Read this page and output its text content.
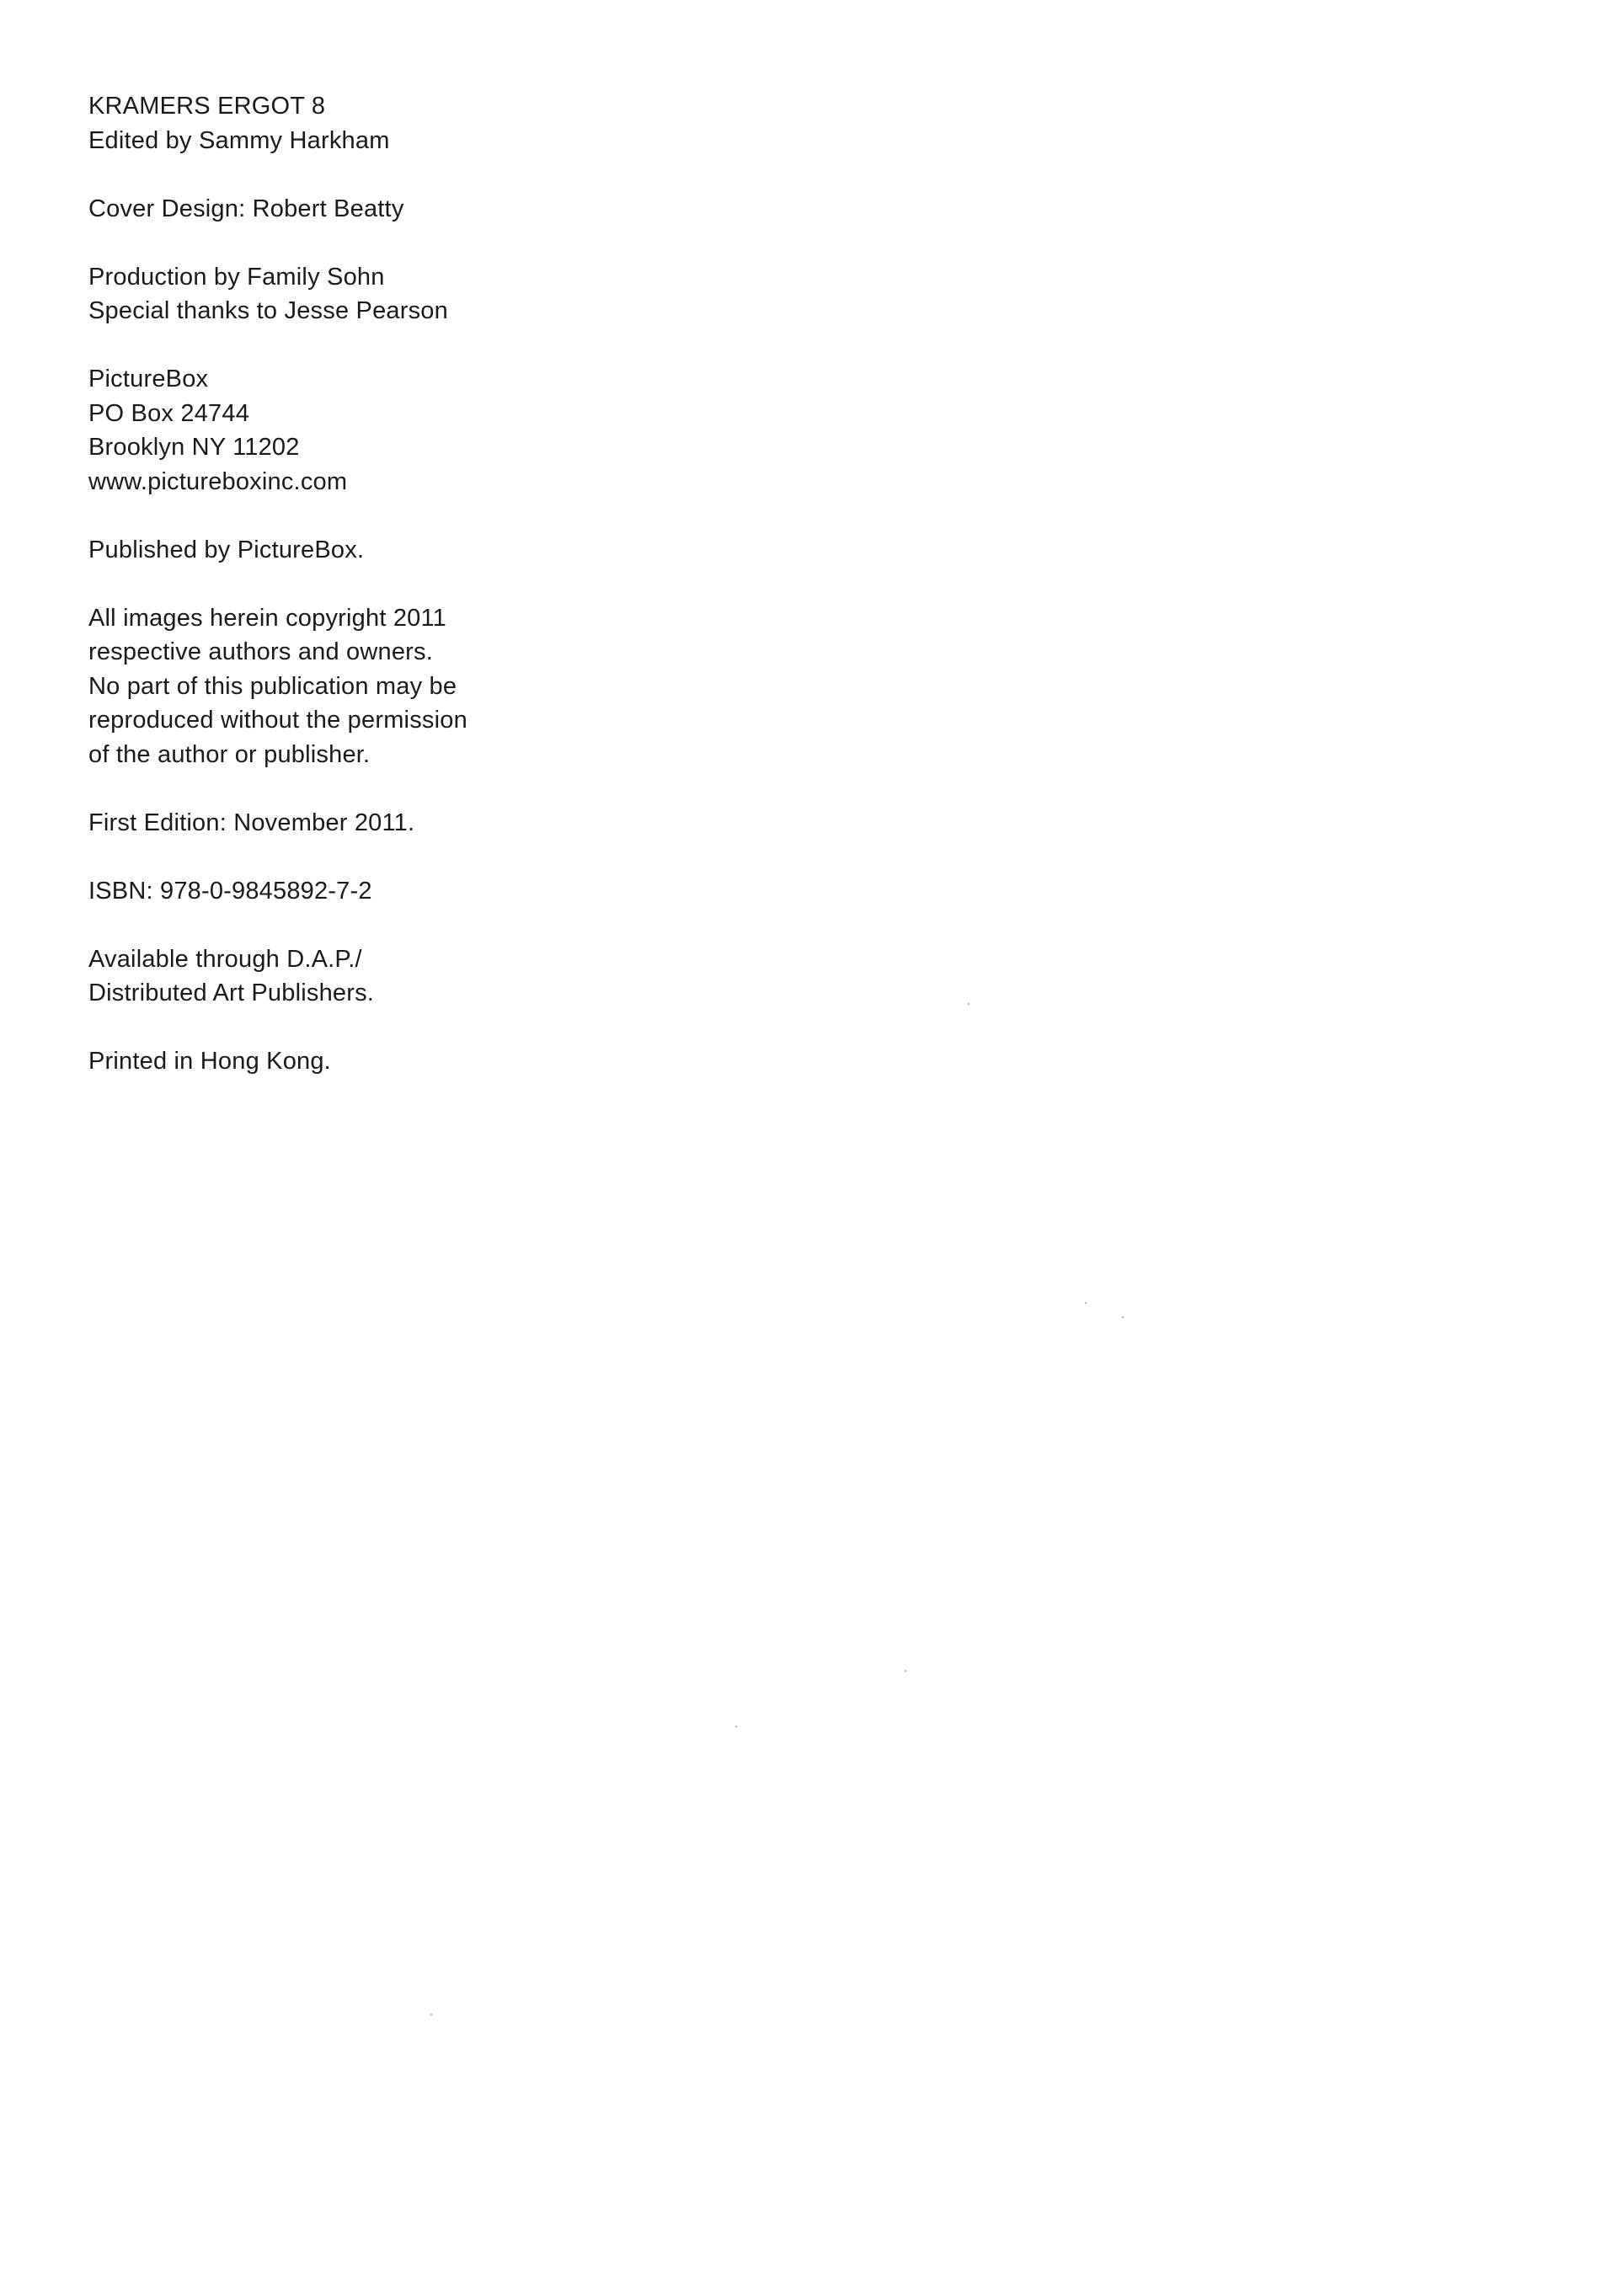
KRAMERS ERGOT 8
Edited by Sammy Harkham
Cover Design: Robert Beatty
Production by Family Sohn
Special thanks to Jesse Pearson
PictureBox
PO Box 24744
Brooklyn NY 11202
www.pictureboxinc.com
Published by PictureBox.
All images herein copyright 2011
respective authors and owners.
No part of this publication may be
reproduced without the permission
of the author or publisher.
First Edition: November 2011.
ISBN: 978-0-9845892-7-2
Available through D.A.P./
Distributed Art Publishers.
Printed in Hong Kong.
